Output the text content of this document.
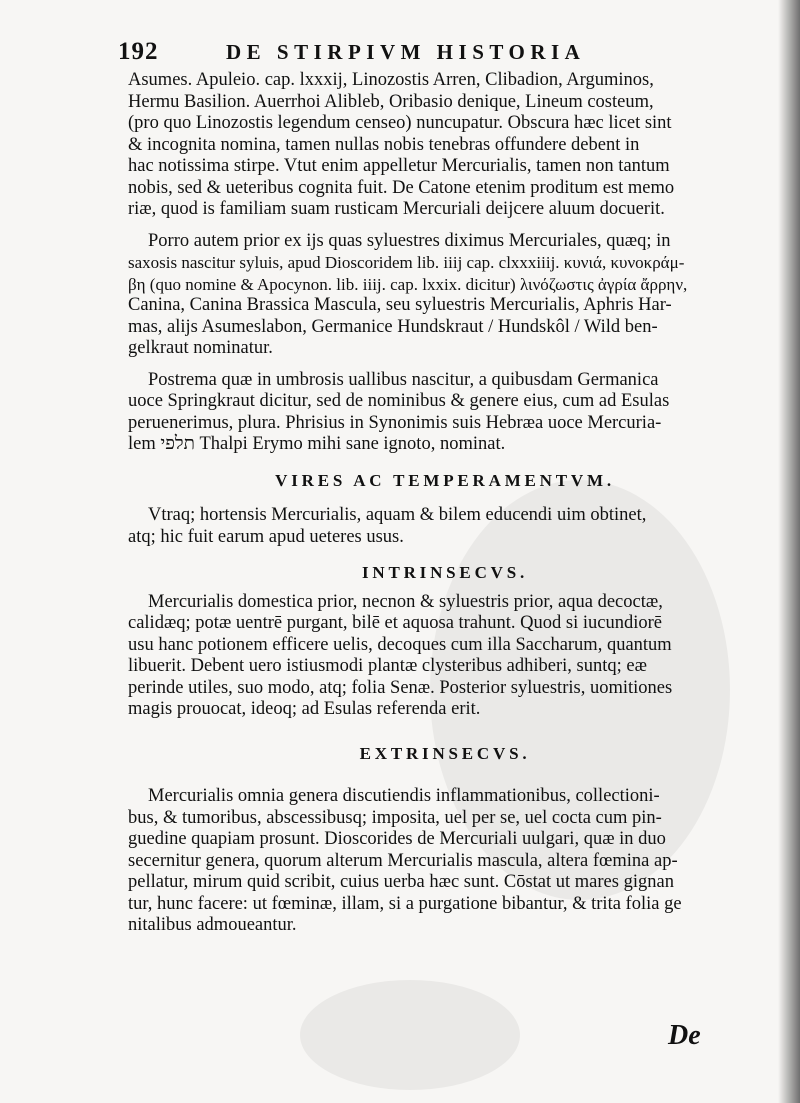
192	DE STIRPIVM HISTORIA
Asumes. Apuleio. cap. lxxxij, Linozostis Arren, Clibadion, Arguminos,
Hermu Basilion. Auerrhoi Alibleb, Oribasio denique, Lineum costeum,
(pro quo Linozostis legendum censeo) nuncupatur. Obscura hæc licet sint
& incognita nomina, tamen nullas nobis tenebras offundere debent in
hac notissima stirpe. Vtut enim appelletur Mercurialis, tamen non tantum
nobis, sed & ueteribus cognita fuit. De Catone etenim proditum est memo
riæ, quod is familiam suam rusticam Mercuriali deijcere aluum docuerit.
Porro autem prior ex ijs quas syluestres diximus Mercuriales, quæq; in
saxosis nascitur syluis, apud Dioscoridem lib. iiij cap. clxxxiiij. κυνιά, κυνοκράμ-
βη (quo nomine & Apocynon. lib. iiij. cap. lxxix. dicitur) λινόζωστις ἀγρία ἄρρην,
Canina, Canina Brassica Mascula, seu syluestris Mercurialis, Aphris Har-
mas, alijs Asumeslabon, Germanice Hundskraut / Hundskôl / Wild ben-
gelkraut nominatur.
Postrema quæ in umbrosis uallibus nascitur, a quibusdam Germanica
uoce Springkraut dicitur, sed de nominibus & genere eius, cum ad Esulas
peruenerimus, plura. Phrisius in Synonimis suis Hebræa uoce Mercuria-
lem תלפי Thalpi Erymo mihi sane ignoto, nominat.
VIRES AC TEMPERAMENTVM.
Vtraq; hortensis Mercurialis, aquam & bilem educendi uim obtinet,
atq; hic fuit earum apud ueteres usus.
INTRINSECVS.
Mercurialis domestica prior, necnon & syluestris prior, aqua decoctæ,
calidæq; potæ uentrē purgant, bilē et aquosa trahunt. Quod si iucundiorē
usu hanc potionem efficere uelis, decoques cum illa Saccharum, quantum
libuerit. Debent uero istiusmodi plantæ clysteribus adhiberi, suntq; eæ
perinde utiles, suo modo, atq; folia Senæ. Posterior syluestris, uomitiones
magis prouocat, ideoq; ad Esulas referenda erit.
EXTRINSECVS.
Mercurialis omnia genera discutiendis inflammationibus, collectioni-
bus, & tumoribus, abscessibusq; imposita, uel per se, uel cocta cum pin-
guedine quapiam prosunt. Dioscorides de Mercuriali uulgari, quæ in duo
secernitur genera, quorum alterum Mercurialis mascula, altera fœmina ap-
pellatur, mirum quid scribit, cuius uerba hæc sunt. Cōstat ut mares gignan
tur, hunc facere: ut fœminæ, illam, si a purgatione bibantur, & trita folia ge
nitalibus admoueantur.
De
